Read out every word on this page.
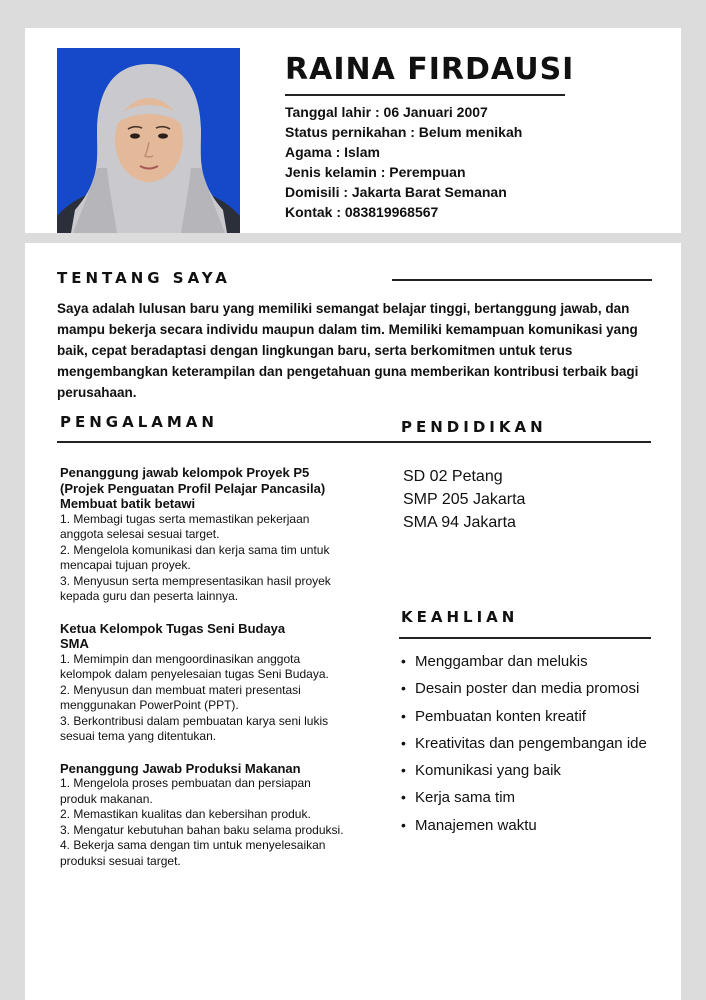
RAINA FIRDAUSI
Tanggal lahir : 06 Januari 2007
Status pernikahan : Belum menikah
Agama : Islam
Jenis kelamin : Perempuan
Domisili : Jakarta Barat Semanan
Kontak : 083819968567
TENTANG SAYA

Saya adalah lulusan baru yang memiliki semangat belajar tinggi, bertanggung jawab, dan mampu bekerja secara individu maupun dalam tim. Memiliki kemampuan komunikasi yang baik, cepat beradaptasi dengan lingkungan baru, serta berkomitmen untuk terus mengembangkan keterampilan dan pengetahuan guna memberikan kontribusi terbaik bagi perusahaan.

PENGALAMAN	PENDIDIKAN
Penanggung jawab kelompok Proyek P5
(Projek Penguatan Profil Pelajar Pancasila)
Membuat batik betawi
1. Membagi tugas serta memastikan pekerjaan
anggota selesai sesuai target.
2. Mengelola komunikasi dan kerja sama tim untuk
mencapai tujuan proyek.
3. Menyusun serta mempresentasikan hasil proyek
kepada guru dan peserta lainnya.
Ketua Kelompok Tugas Seni Budaya
SMA
1. Memimpin dan mengoordinasikan anggota
kelompok dalam penyelesaian tugas Seni Budaya.
2. Menyusun dan membuat materi presentasi
menggunakan PowerPoint (PPT).
3. Berkontribusi dalam pembuatan karya seni lukis
sesuai tema yang ditentukan.
Penanggung Jawab Produksi Makanan
1. Mengelola proses pembuatan dan persiapan
produk makanan.
2. Memastikan kualitas dan kebersihan produk.
3. Mengatur kebutuhan bahan baku selama produksi.
4. Bekerja sama dengan tim untuk menyelesaikan
produksi sesuai target.
SD 02 Petang
SMP 205 Jakarta
SMA 94 Jakarta
KEAHLIAN
• Menggambar dan melukis
• Desain poster dan media promosi
• Pembuatan konten kreatif
• Kreativitas dan pengembangan ide
• Komunikasi yang baik
• Kerja sama tim
• Manajemen waktu
